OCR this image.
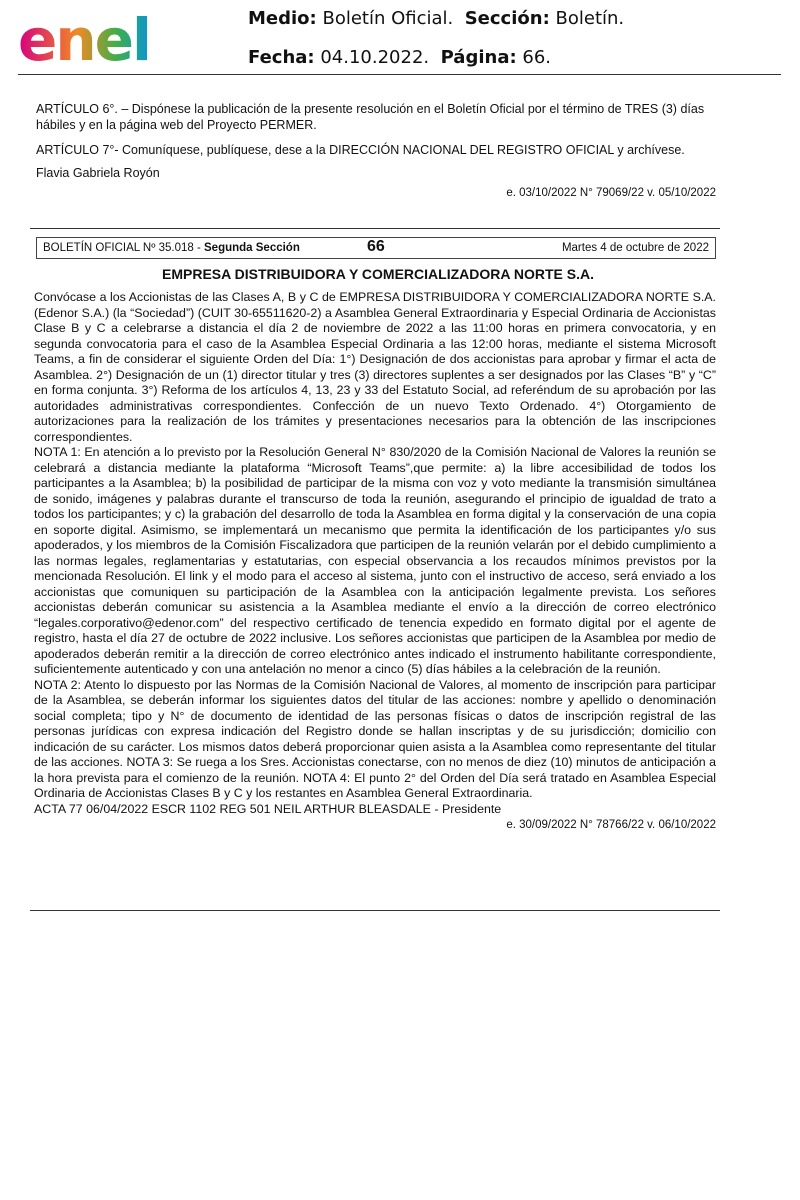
enel	Medio: Boletín Oficial. Sección: Boletín.
Fecha: 04.10.2022. Página: 66.
ARTÍCULO 6°. – Dispónese la publicación de la presente resolución en el Boletín Oficial por el término de TRES (3) días hábiles y en la página web del Proyecto PERMER.
ARTÍCULO 7°- Comuníquese, publíquese, dese a la DIRECCIÓN NACIONAL DEL REGISTRO OFICIAL y archívese.
Flavia Gabriela Royón
e. 03/10/2022 N° 79069/22 v. 05/10/2022
BOLETÍN OFICIAL Nº 35.018 - Segunda Sección	66	Martes 4 de octubre de 2022
EMPRESA DISTRIBUIDORA Y COMERCIALIZADORA NORTE S.A.

Convócase a los Accionistas de las Clases A, B y C de EMPRESA DISTRIBUIDORA Y COMERCIALIZADORA NORTE S.A. (Edenor S.A.) (la “Sociedad”) (CUIT 30-65511620-2) a Asamblea General Extraordinaria y Especial Ordinaria de Accionistas Clase B y C a celebrarse a distancia el día 2 de noviembre de 2022 a las 11:00 horas en primera convocatoria, y en segunda convocatoria para el caso de la Asamblea Especial Ordinaria a las 12:00 horas, mediante el sistema Microsoft Teams, a fin de considerar el siguiente Orden del Día: 1°) Designación de dos accionistas para aprobar y firmar el acta de Asamblea. 2°) Designación de un (1) director titular y tres (3) directores suplentes a ser designados por las Clases “B” y “C” en forma conjunta. 3°) Reforma de los artículos 4, 13, 23 y 33 del Estatuto Social, ad referéndum de su aprobación por las autoridades administrativas correspondientes. Confección de un nuevo Texto Ordenado. 4°) Otorgamiento de autorizaciones para la realización de los trámites y presentaciones necesarios para la obtención de las inscripciones correspondientes.

NOTA 1: En atención a lo previsto por la Resolución General N° 830/2020 de la Comisión Nacional de Valores la reunión se celebrará a distancia mediante la plataforma “Microsoft Teams”,que permite: a) la libre accesibilidad de todos los participantes a la Asamblea; b) la posibilidad de participar de la misma con voz y voto mediante la transmisión simultánea de sonido, imágenes y palabras durante el transcurso de toda la reunión, asegurando el principio de igualdad de trato a todos los participantes; y c) la grabación del desarrollo de toda la Asamblea en forma digital y la conservación de una copia en soporte digital. Asimismo, se implementará un mecanismo que permita la identificación de los participantes y/o sus apoderados, y los miembros de la Comisión Fiscalizadora que participen de la reunión velarán por el debido cumplimiento a las normas legales, reglamentarias y estatutarias, con especial observancia a los recaudos mínimos previstos por la mencionada Resolución. El link y el modo para el acceso al sistema, junto con el instructivo de acceso, será enviado a los accionistas que comuniquen su participación de la Asamblea con la anticipación legalmente prevista. Los señores accionistas deberán comunicar su asistencia a la Asamblea mediante el envío a la dirección de correo electrónico “legales.corporativo@edenor.com” del respectivo certificado de tenencia expedido en formato digital por el agente de registro, hasta el día 27 de octubre de 2022 inclusive. Los señores accionistas que participen de la Asamblea por medio de apoderados deberán remitir a la dirección de correo electrónico antes indicado el instrumento habilitante correspondiente, suficientemente autenticado y con una antelación no menor a cinco (5) días hábiles a la celebración de la reunión.

NOTA 2: Atento lo dispuesto por las Normas de la Comisión Nacional de Valores, al momento de inscripción para participar de la Asamblea, se deberán informar los siguientes datos del titular de las acciones: nombre y apellido o denominación social completa; tipo y N° de documento de identidad de las personas físicas o datos de inscripción registral de las personas jurídicas con expresa indicación del Registro donde se hallan inscriptas y de su jurisdicción; domicilio con indicación de su carácter. Los mismos datos deberá proporcionar quien asista a la Asamblea como representante del titular de las acciones. NOTA 3: Se ruega a los Sres. Accionistas conectarse, con no menos de diez (10) minutos de anticipación a la hora prevista para el comienzo de la reunión. NOTA 4: El punto 2° del Orden del Día será tratado en Asamblea Especial Ordinaria de Accionistas Clases B y C y los restantes en Asamblea General Extraordinaria.

ACTA 77 06/04/2022 ESCR 1102 REG 501 NEIL ARTHUR BLEASDALE - Presidente

e. 30/09/2022 N° 78766/22 v. 06/10/2022
